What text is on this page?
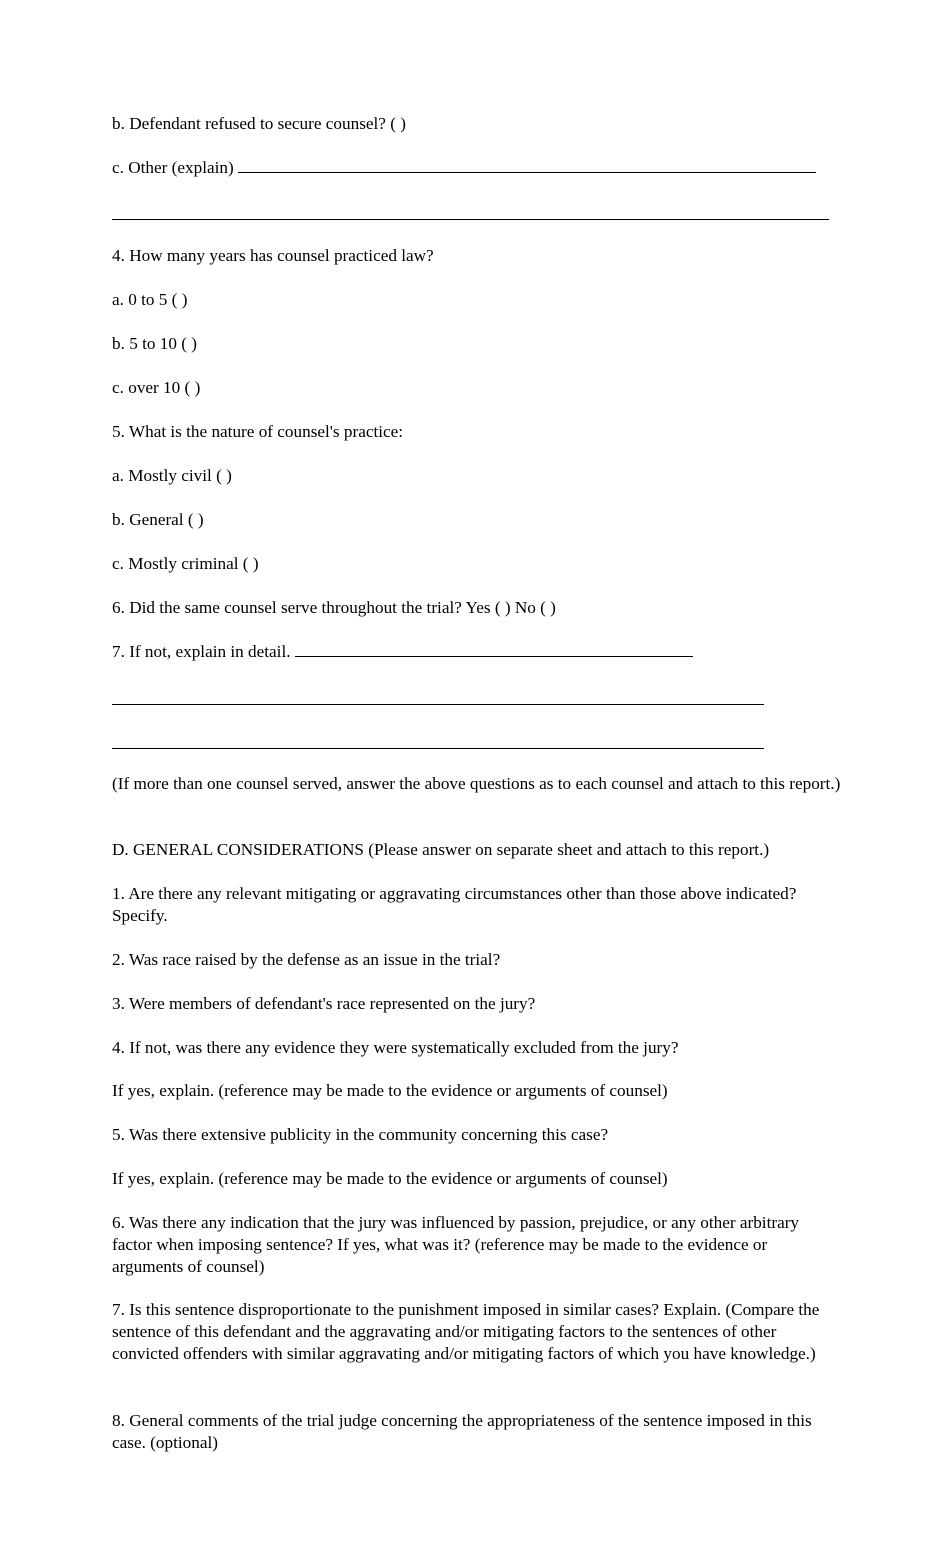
b. Defendant refused to secure counsel? ( )
c. Other (explain)
4. How many years has counsel practiced law?
a. 0 to 5 ( )
b. 5 to 10 ( )
c. over 10 ( )
5. What is the nature of counsel's practice:
a. Mostly civil ( )
b. General ( )
c. Mostly criminal ( )
6. Did the same counsel serve throughout the trial? Yes ( ) No ( )
7. If not, explain in detail.
(If more than one counsel served, answer the above questions as to each counsel and attach to this report.)
D. GENERAL CONSIDERATIONS (Please answer on separate sheet and attach to this report.)
1. Are there any relevant mitigating or aggravating circumstances other than those above indicated? Specify.
2. Was race raised by the defense as an issue in the trial?
3. Were members of defendant's race represented on the jury?
4. If not, was there any evidence they were systematically excluded from the jury?
If yes, explain. (reference may be made to the evidence or arguments of counsel)
5. Was there extensive publicity in the community concerning this case?
If yes, explain. (reference may be made to the evidence or arguments of counsel)
6. Was there any indication that the jury was influenced by passion, prejudice, or any other arbitrary factor when imposing sentence? If yes, what was it? (reference may be made to the evidence or arguments of counsel)
7. Is this sentence disproportionate to the punishment imposed in similar cases? Explain. (Compare the sentence of this defendant and the aggravating and/or mitigating factors to the sentences of other convicted offenders with similar aggravating and/or mitigating factors of which you have knowledge.)
8. General comments of the trial judge concerning the appropriateness of the sentence imposed in this case. (optional)
